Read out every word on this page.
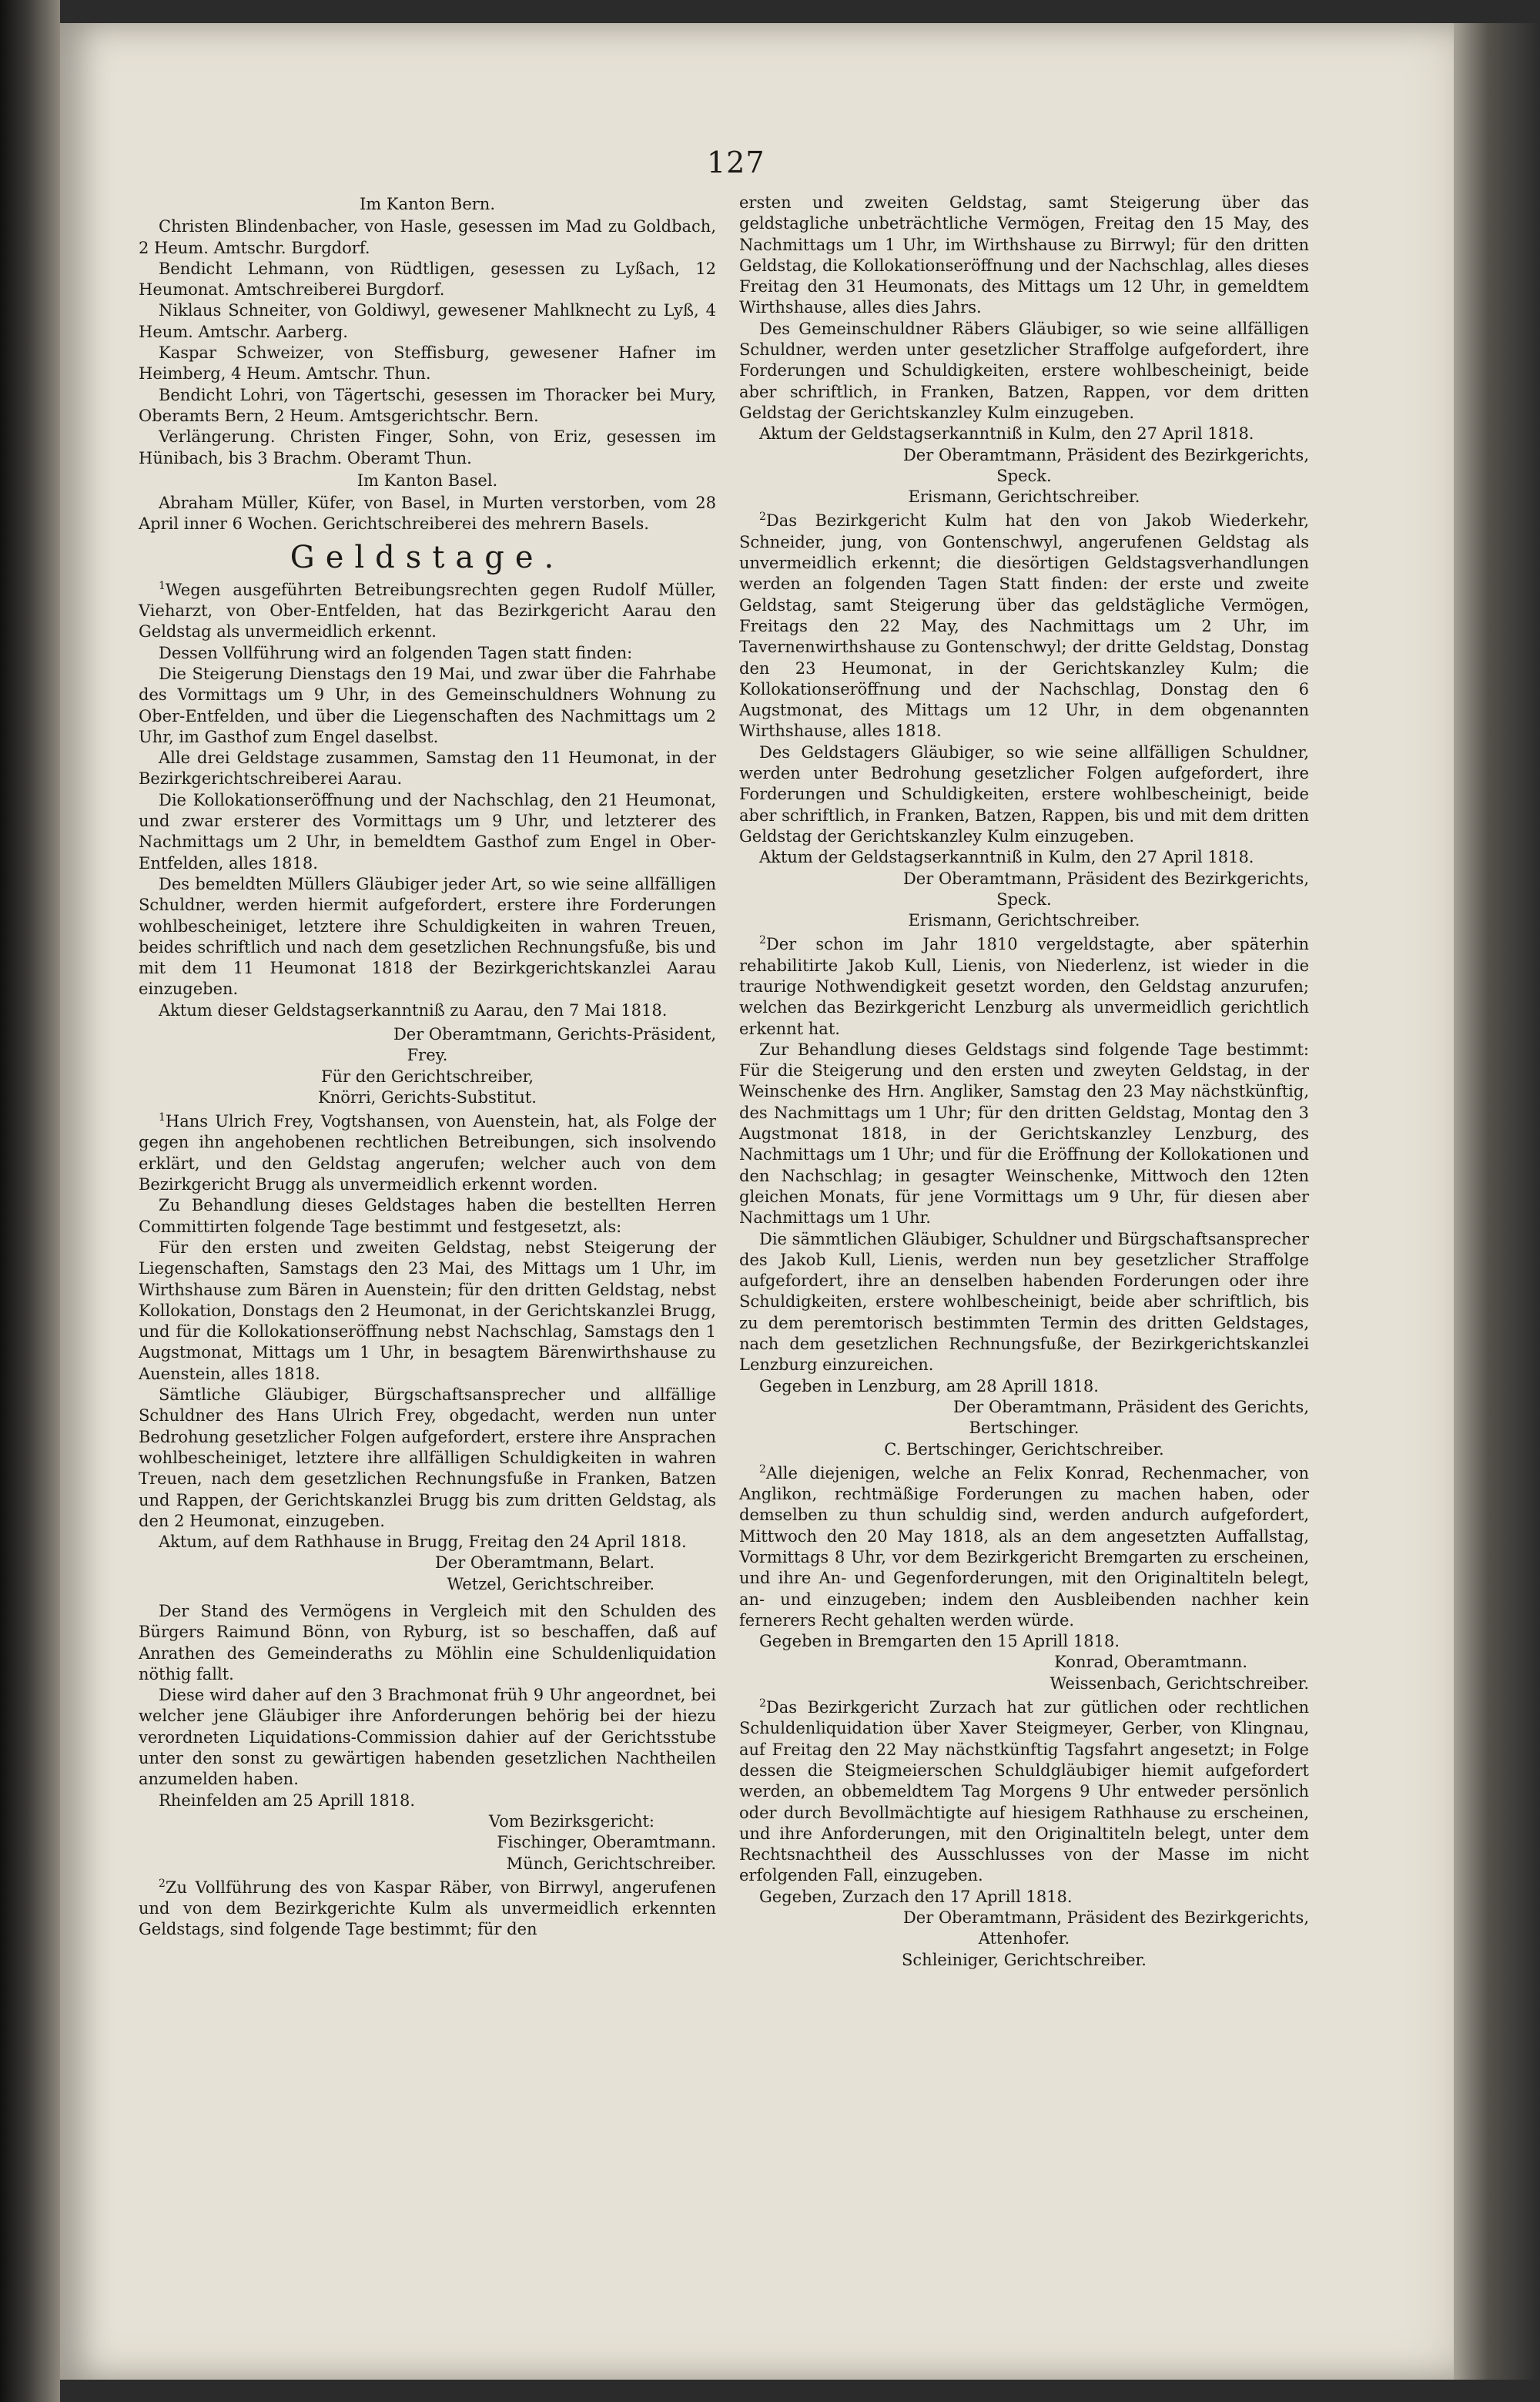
127
Im Kanton Bern.

Christen Blindenbacher, von Hasle, gesessen im Mad zu Goldbach, 2 Heum. Amtschr. Burgdorf.

Bendicht Lehmann, von Rüdtligen, gesessen zu Lyßach, 12 Heumonat. Amtschreiberei Burgdorf.

Niklaus Schneiter, von Goldiwyl, gewesener Mahlknecht zu Lyß, 4 Heum. Amtschr. Aarberg.

Kaspar Schweizer, von Steffisburg, gewesener Hafner im Heimberg, 4 Heum. Amtschr. Thun.

Bendicht Lohri, von Tägertschi, gesessen im Thoracker bei Mury, Oberamts Bern, 2 Heum. Amtsgerichtschr. Bern.

Verlängerung. Christen Finger, Sohn, von Eriz, gesessen im Hünibach, bis 3 Brachm. Oberamt Thun.

Im Kanton Basel.

Abraham Müller, Küfer, von Basel, in Murten verstorben, vom 28 April inner 6 Wochen. Gerichtschreiberei des mehrern Basels.

Geldstage.

$^1$Wegen ausgeführten Betreibungsrechten gegen Rudolf Müller, Vieharzt, von Ober-Entfelden, hat das Bezirkgericht Aarau den Geldstag als unvermeidlich erkennt.

Dessen Vollführung wird an folgenden Tagen statt finden:

Die Steigerung Dienstags den 19 Mai, und zwar über die Fahrhabe des Vormittags um 9 Uhr, in des Gemeinschuldners Wohnung zu Ober-Entfelden, und über die Liegenschaften des Nachmittags um 2 Uhr, im Gasthof zum Engel daselbst.

Alle drei Geldstage zusammen, Samstag den 11 Heumonat, in der Bezirkgerichtschreiberei Aarau.

Die Kollokationseröffnung und der Nachschlag, den 21 Heumonat, und zwar ersterer des Vormittags um 9 Uhr, und letzterer des Nachmittags um 2 Uhr, in bemeldtem Gasthof zum Engel in Ober-Entfelden, alles 1818.

Des bemeldten Müllers Gläubiger jeder Art, so wie seine allfälligen Schuldner, werden hiermit aufgefordert, erstere ihre Forderungen wohlbescheiniget, letztere ihre Schuldigkeiten in wahren Treuen, beides schriftlich und nach dem gesetzlichen Rechnungsfuße, bis und mit dem 11 Heumonat 1818 der Bezirkgerichtskanzlei Aarau einzugeben.

Aktum dieser Geldstagserkanntniß zu Aarau, den 7 Mai 1818.

Der Oberamtmann, Gerichts-Präsident,

Frey.

Für den Gerichtschreiber,

Knörri, Gerichts-Substitut.

$^1$Hans Ulrich Frey, Vogtshansen, von Auenstein, hat, als Folge der gegen ihn angehobenen rechtlichen Betreibungen, sich insolvendo erklärt, und den Geldstag angerufen; welcher auch von dem Bezirkgericht Brugg als unvermeidlich erkennt worden.

Zu Behandlung dieses Geldstages haben die bestellten Herren Committirten folgende Tage bestimmt und festgesetzt, als:

Für den ersten und zweiten Geldstag, nebst Steigerung der Liegenschaften, Samstags den 23 Mai, des Mittags um 1 Uhr, im Wirthshause zum Bären in Auenstein; für den dritten Geldstag, nebst Kollokation, Donstags den 2 Heumonat, in der Gerichtskanzlei Brugg, und für die Kollokationseröffnung nebst Nachschlag, Samstags den 1 Augstmonat, Mittags um 1 Uhr, in besagtem Bärenwirthshause zu Auenstein, alles 1818.

Sämtliche Gläubiger, Bürgschaftsansprecher und allfällige Schuldner des Hans Ulrich Frey, obgedacht, werden nun unter Bedrohung gesetzlicher Folgen aufgefordert, erstere ihre Ansprachen wohlbescheiniget, letztere ihre allfälligen Schuldigkeiten in wahren Treuen, nach dem gesetzlichen Rechnungsfuße in Franken, Batzen und Rappen, der Gerichtskanzlei Brugg bis zum dritten Geldstag, als den 2 Heumonat, einzugeben.

Aktum, auf dem Rathhause in Brugg, Freitag den 24 April 1818.

Der Oberamtmann, Belart.

Wetzel, Gerichtschreiber.

Der Stand des Vermögens in Vergleich mit den Schulden des Bürgers Raimund Bönn, von Ryburg, ist so beschaffen, daß auf Anrathen des Gemeinderaths zu Möhlin eine Schuldenliquidation nöthig fallt.

Diese wird daher auf den 3 Brachmonat früh 9 Uhr angeordnet, bei welcher jene Gläubiger ihre Anforderungen behörig bei der hiezu verordneten Liquidations-Commission dahier auf der Gerichtsstube unter den sonst zu gewärtigen habenden gesetzlichen Nachtheilen anzumelden haben.

Rheinfelden am 25 Aprill 1818.

Vom Bezirksgericht:

Fischinger, Oberamtmann.

Münch, Gerichtschreiber.

$^2$Zu Vollführung des von Kaspar Räber, von Birrwyl, angerufenen und von dem Bezirkgerichte Kulm als unvermeidlich erkennten Geldstags, sind folgende Tage bestimmt; für den

ersten und zweiten Geldstag, samt Steigerung über das geldstagliche unbeträchtliche Vermögen, Freitag den 15 May, des Nachmittags um 1 Uhr, im Wirthshause zu Birrwyl; für den dritten Geldstag, die Kollokationseröffnung und der Nachschlag, alles dieses Freitag den 31 Heumonats, des Mittags um 12 Uhr, in gemeldtem Wirthshause, alles dies Jahrs.

Des Gemeinschuldner Räbers Gläubiger, so wie seine allfälligen Schuldner, werden unter gesetzlicher Straffolge aufgefordert, ihre Forderungen und Schuldigkeiten, erstere wohlbescheinigt, beide aber schriftlich, in Franken, Batzen, Rappen, vor dem dritten Geldstag der Gerichtskanzley Kulm einzugeben.

Aktum der Geldstagserkanntniß in Kulm, den 27 April 1818.

Der Oberamtmann, Präsident des Bezirkgerichts,

Speck.

Erismann, Gerichtschreiber.

$^2$Das Bezirkgericht Kulm hat den von Jakob Wiederkehr, Schneider, jung, von Gontenschwyl, angerufenen Geldstag als unvermeidlich erkennt; die diesörtigen Geldstagsverhandlungen werden an folgenden Tagen Statt finden: der erste und zweite Geldstag, samt Steigerung über das geldstägliche Vermögen, Freitags den 22 May, des Nachmittags um 2 Uhr, im Tavernenwirthshause zu Gontenschwyl; der dritte Geldstag, Donstag den 23 Heumonat, in der Gerichtskanzley Kulm; die Kollokationseröffnung und der Nachschlag, Donstag den 6 Augstmonat, des Mittags um 12 Uhr, in dem obgenannten Wirthshause, alles 1818.

Des Geldstagers Gläubiger, so wie seine allfälligen Schuldner, werden unter Bedrohung gesetzlicher Folgen aufgefordert, ihre Forderungen und Schuldigkeiten, erstere wohlbescheinigt, beide aber schriftlich, in Franken, Batzen, Rappen, bis und mit dem dritten Geldstag der Gerichtskanzley Kulm einzugeben.

Aktum der Geldstagserkanntniß in Kulm, den 27 April 1818.

Der Oberamtmann, Präsident des Bezirkgerichts,

Speck.

Erismann, Gerichtschreiber.

$^2$Der schon im Jahr 1810 vergeldstagte, aber späterhin rehabilitirte Jakob Kull, Lienis, von Niederlenz, ist wieder in die traurige Nothwendigkeit gesetzt worden, den Geldstag anzurufen; welchen das Bezirkgericht Lenzburg als unvermeidlich gerichtlich erkennt hat.

Zur Behandlung dieses Geldstags sind folgende Tage bestimmt: Für die Steigerung und den ersten und zweyten Geldstag, in der Weinschenke des Hrn. Angliker, Samstag den 23 May nächstkünftig, des Nachmittags um 1 Uhr; für den dritten Geldstag, Montag den 3 Augstmonat 1818, in der Gerichtskanzley Lenzburg, des Nachmittags um 1 Uhr; und für die Eröffnung der Kollokationen und den Nachschlag; in gesagter Weinschenke, Mittwoch den 12ten gleichen Monats, für jene Vormittags um 9 Uhr, für diesen aber Nachmittags um 1 Uhr.

Die sämmtlichen Gläubiger, Schuldner und Bürgschaftsansprecher des Jakob Kull, Lienis, werden nun bey gesetzlicher Straffolge aufgefordert, ihre an denselben habenden Forderungen oder ihre Schuldigkeiten, erstere wohlbescheinigt, beide aber schriftlich, bis zu dem peremtorisch bestimmten Termin des dritten Geldstages, nach dem gesetzlichen Rechnungsfuße, der Bezirkgerichtskanzlei Lenzburg einzureichen.

Gegeben in Lenzburg, am 28 Aprill 1818.

Der Oberamtmann, Präsident des Gerichts,

Bertschinger.

C. Bertschinger, Gerichtschreiber.

$^2$Alle diejenigen, welche an Felix Konrad, Rechenmacher, von Anglikon, rechtmäßige Forderungen zu machen haben, oder demselben zu thun schuldig sind, werden andurch aufgefordert, Mittwoch den 20 May 1818, als an dem angesetzten Auffallstag, Vormittags 8 Uhr, vor dem Bezirkgericht Bremgarten zu erscheinen, und ihre An- und Gegenforderungen, mit den Originaltiteln belegt, an- und einzugeben; indem den Ausbleibenden nachher kein fernerers Recht gehalten werden würde.

Gegeben in Bremgarten den 15 Aprill 1818.

Konrad, Oberamtmann.

Weissenbach, Gerichtschreiber.

$^2$Das Bezirkgericht Zurzach hat zur gütlichen oder rechtlichen Schuldenliquidation über Xaver Steigmeyer, Gerber, von Klingnau, auf Freitag den 22 May nächstkünftig Tagsfahrt angesetzt; in Folge dessen die Steigmeierschen Schuldgläubiger hiemit aufgefordert werden, an obbemeldtem Tag Morgens 9 Uhr entweder persönlich oder durch Bevollmächtigte auf hiesigem Rathhause zu erscheinen, und ihre Anforderungen, mit den Originaltiteln belegt, unter dem Rechtsnachtheil des Ausschlusses von der Masse im nicht erfolgenden Fall, einzugeben.

Gegeben, Zurzach den 17 Aprill 1818.

Der Oberamtmann, Präsident des Bezirkgerichts,

Attenhofer.

Schleiniger, Gerichtschreiber.
